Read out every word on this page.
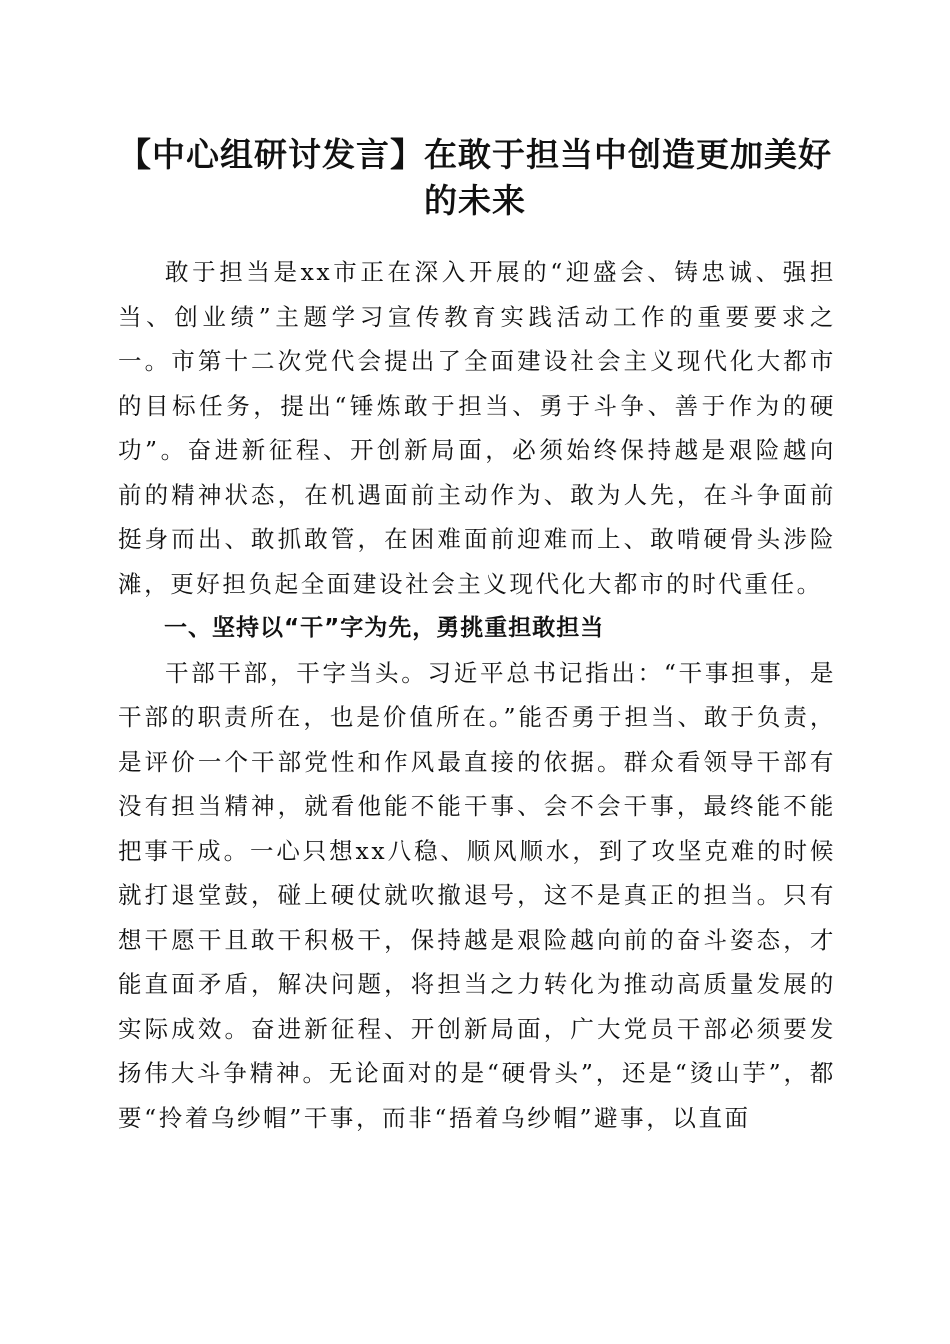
【中心组研讨发言】在敢于担当中创造更加美好的未来

敢于担当是xx市正在深入开展的“迎盛会、铸忠诚、强担当、创业绩”主题学习宣传教育实践活动工作的重要要求之一。市第十二次党代会提出了全面建设社会主义现代化大都市的目标任务，提出“锤炼敢于担当、勇于斗争、善于作为的硬功”。奋进新征程、开创新局面，必须始终保持越是艰险越向前的精神状态，在机遇面前主动作为、敢为人先，在斗争面前挺身而出、敢抓敢管，在困难面前迎难而上、敢啃硬骨头涉险滩，更好担负起全面建设社会主义现代化大都市的时代重任。

一、坚持以“干”字为先，勇挑重担敢担当

干部干部，干字当头。习近平总书记指出：“干事担事，是干部的职责所在，也是价值所在。”能否勇于担当、敢于负责，是评价一个干部党性和作风最直接的依据。群众看领导干部有没有担当精神，就看他能不能干事、会不会干事，最终能不能把事干成。一心只想xx八稳、顺风顺水，到了攻坚克难的时候就打退堂鼓，碰上硬仗就吹撤退号，这不是真正的担当。只有想干愿干且敢干积极干，保持越是艰险越向前的奋斗姿态，才能直面矛盾，解决问题，将担当之力转化为推动高质量发展的实际成效。奋进新征程、开创新局面，广大党员干部必须要发扬伟大斗争精神。无论面对的是“硬骨头”，还是“烫山芋”，都要“拎着乌纱帽”干事，而非“捂着乌纱帽”避事，以直面
